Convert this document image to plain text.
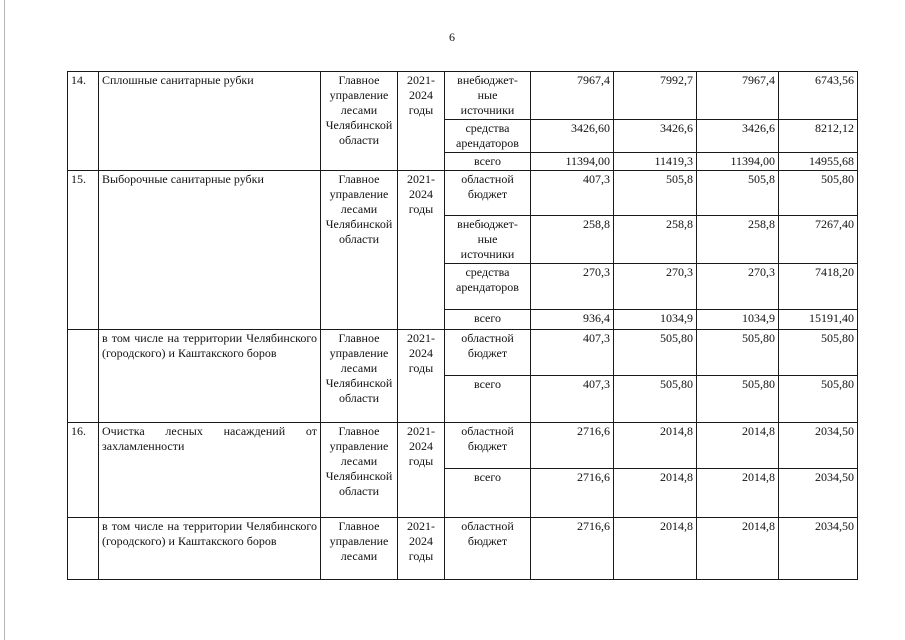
6
14.	Сплошные санитарные рубки	Главное
управление
лесами
Челябинской
области	2021-
2024
годы	внебюджет-
ные
источники	7967,4	7992,7	7967,4	6743,56

				средства
арендаторов	3426,60	3426,6	3426,6	8212,12

				всего	11394,00	11419,3	11394,00	14955,68
15.	Выборочные санитарные рубки	Главное
управление
лесами
Челябинской
области	2021-
2024
годы	областной
бюджет	407,3	505,8	505,8	505,80

				внебюджет-
ные
источники	258,8	258,8	258,8	7267,40

				средства
арендаторов	270,3	270,3	270,3	7418,20

				всего	936,4	1034,9	1034,9	15191,40
	в том числе на территории Челябинского (городского) и Каштакского боров	Главное
управление
лесами
Челябинской
области	2021-
2024
годы	областной
бюджет	407,3	505,80	505,80	505,80

				всего	407,3	505,80	505,80	505,80
16.	Очистка лесных насаждений от захламленности	Главное
управление
лесами
Челябинской
области	2021-
2024
годы	областной
бюджет	2716,6	2014,8	2014,8	2034,50

				всего	2716,6	2014,8	2014,8	2034,50
	в том числе на территории Челябинского (городского) и Каштакского боров	Главное
управление
лесами	2021-
2024
годы	областной
бюджет	2716,6	2014,8	2014,8	2034,50
